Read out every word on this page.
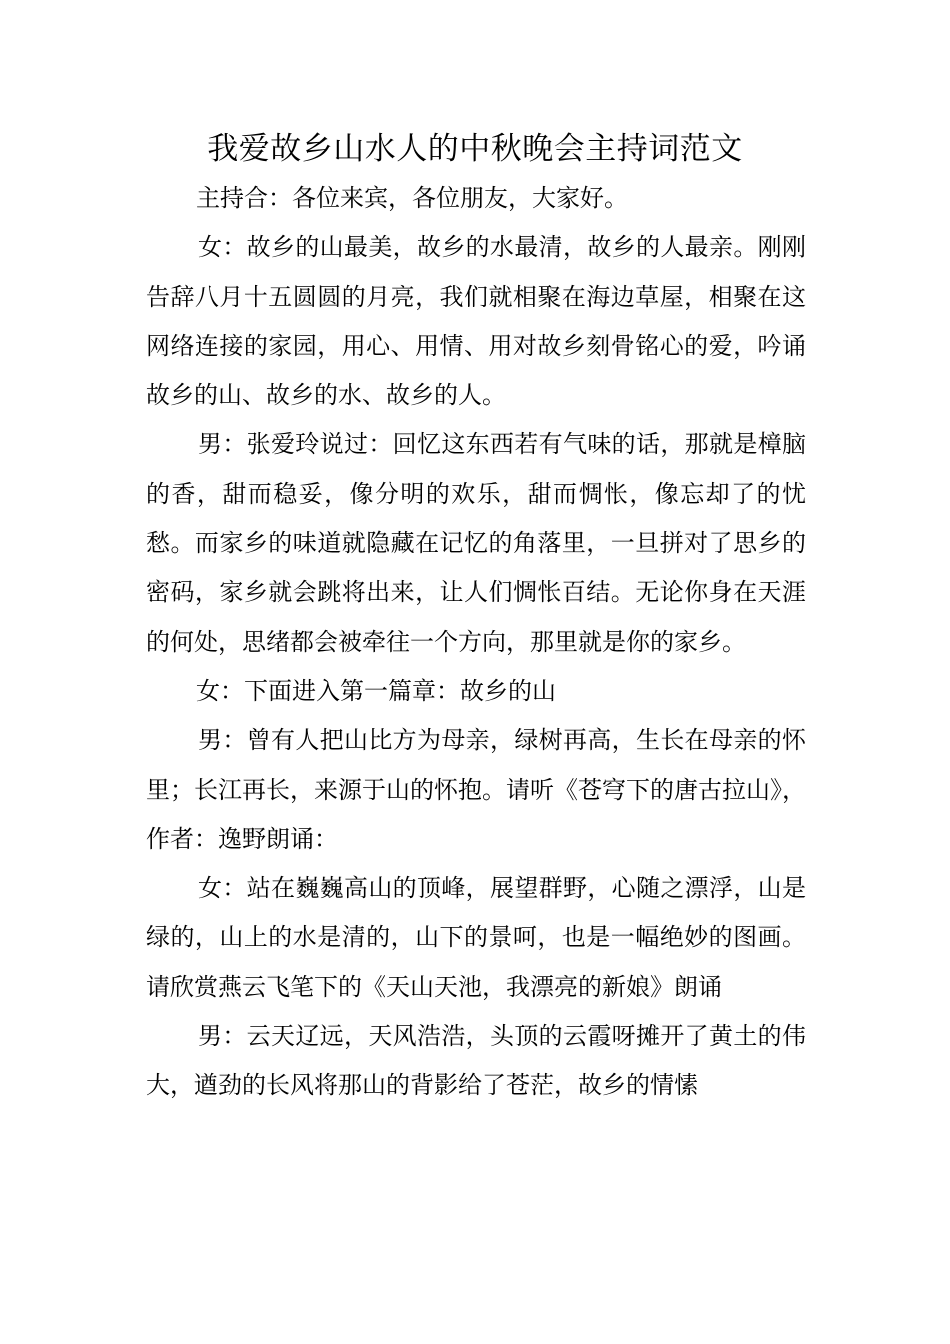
我爱故乡山水人的中秋晚会主持词范文

主持合：各位来宾，各位朋友，大家好。

女：故乡的山最美，故乡的水最清，故乡的人最亲。刚刚告辞八月十五圆圆的月亮，我们就相聚在海边草屋，相聚在这网络连接的家园，用心、用情、用对故乡刻骨铭心的爱，吟诵故乡的山、故乡的水、故乡的人。

男：张爱玲说过：回忆这东西若有气味的话，那就是樟脑的香，甜而稳妥，像分明的欢乐，甜而惆怅，像忘却了的忧愁。而家乡的味道就隐藏在记忆的角落里，一旦拼对了思乡的密码，家乡就会跳将出来，让人们惆怅百结。无论你身在天涯的何处，思绪都会被牵往一个方向，那里就是你的家乡。

女：下面进入第一篇章：故乡的山

男：曾有人把山比方为母亲，绿树再高，生长在母亲的怀里；长江再长，来源于山的怀抱。请听《苍穹下的唐古拉山》，作者：逸野朗诵：

女：站在巍巍高山的顶峰，展望群野，心随之漂浮，山是绿的，山上的水是清的，山下的景呵，也是一幅绝妙的图画。请欣赏燕云飞笔下的《天山天池，我漂亮的新娘》朗诵

男：云天辽远，天风浩浩，头顶的云霞呀摊开了黄土的伟大，遒劲的长风将那山的背影给了苍茫，故乡的情愫
